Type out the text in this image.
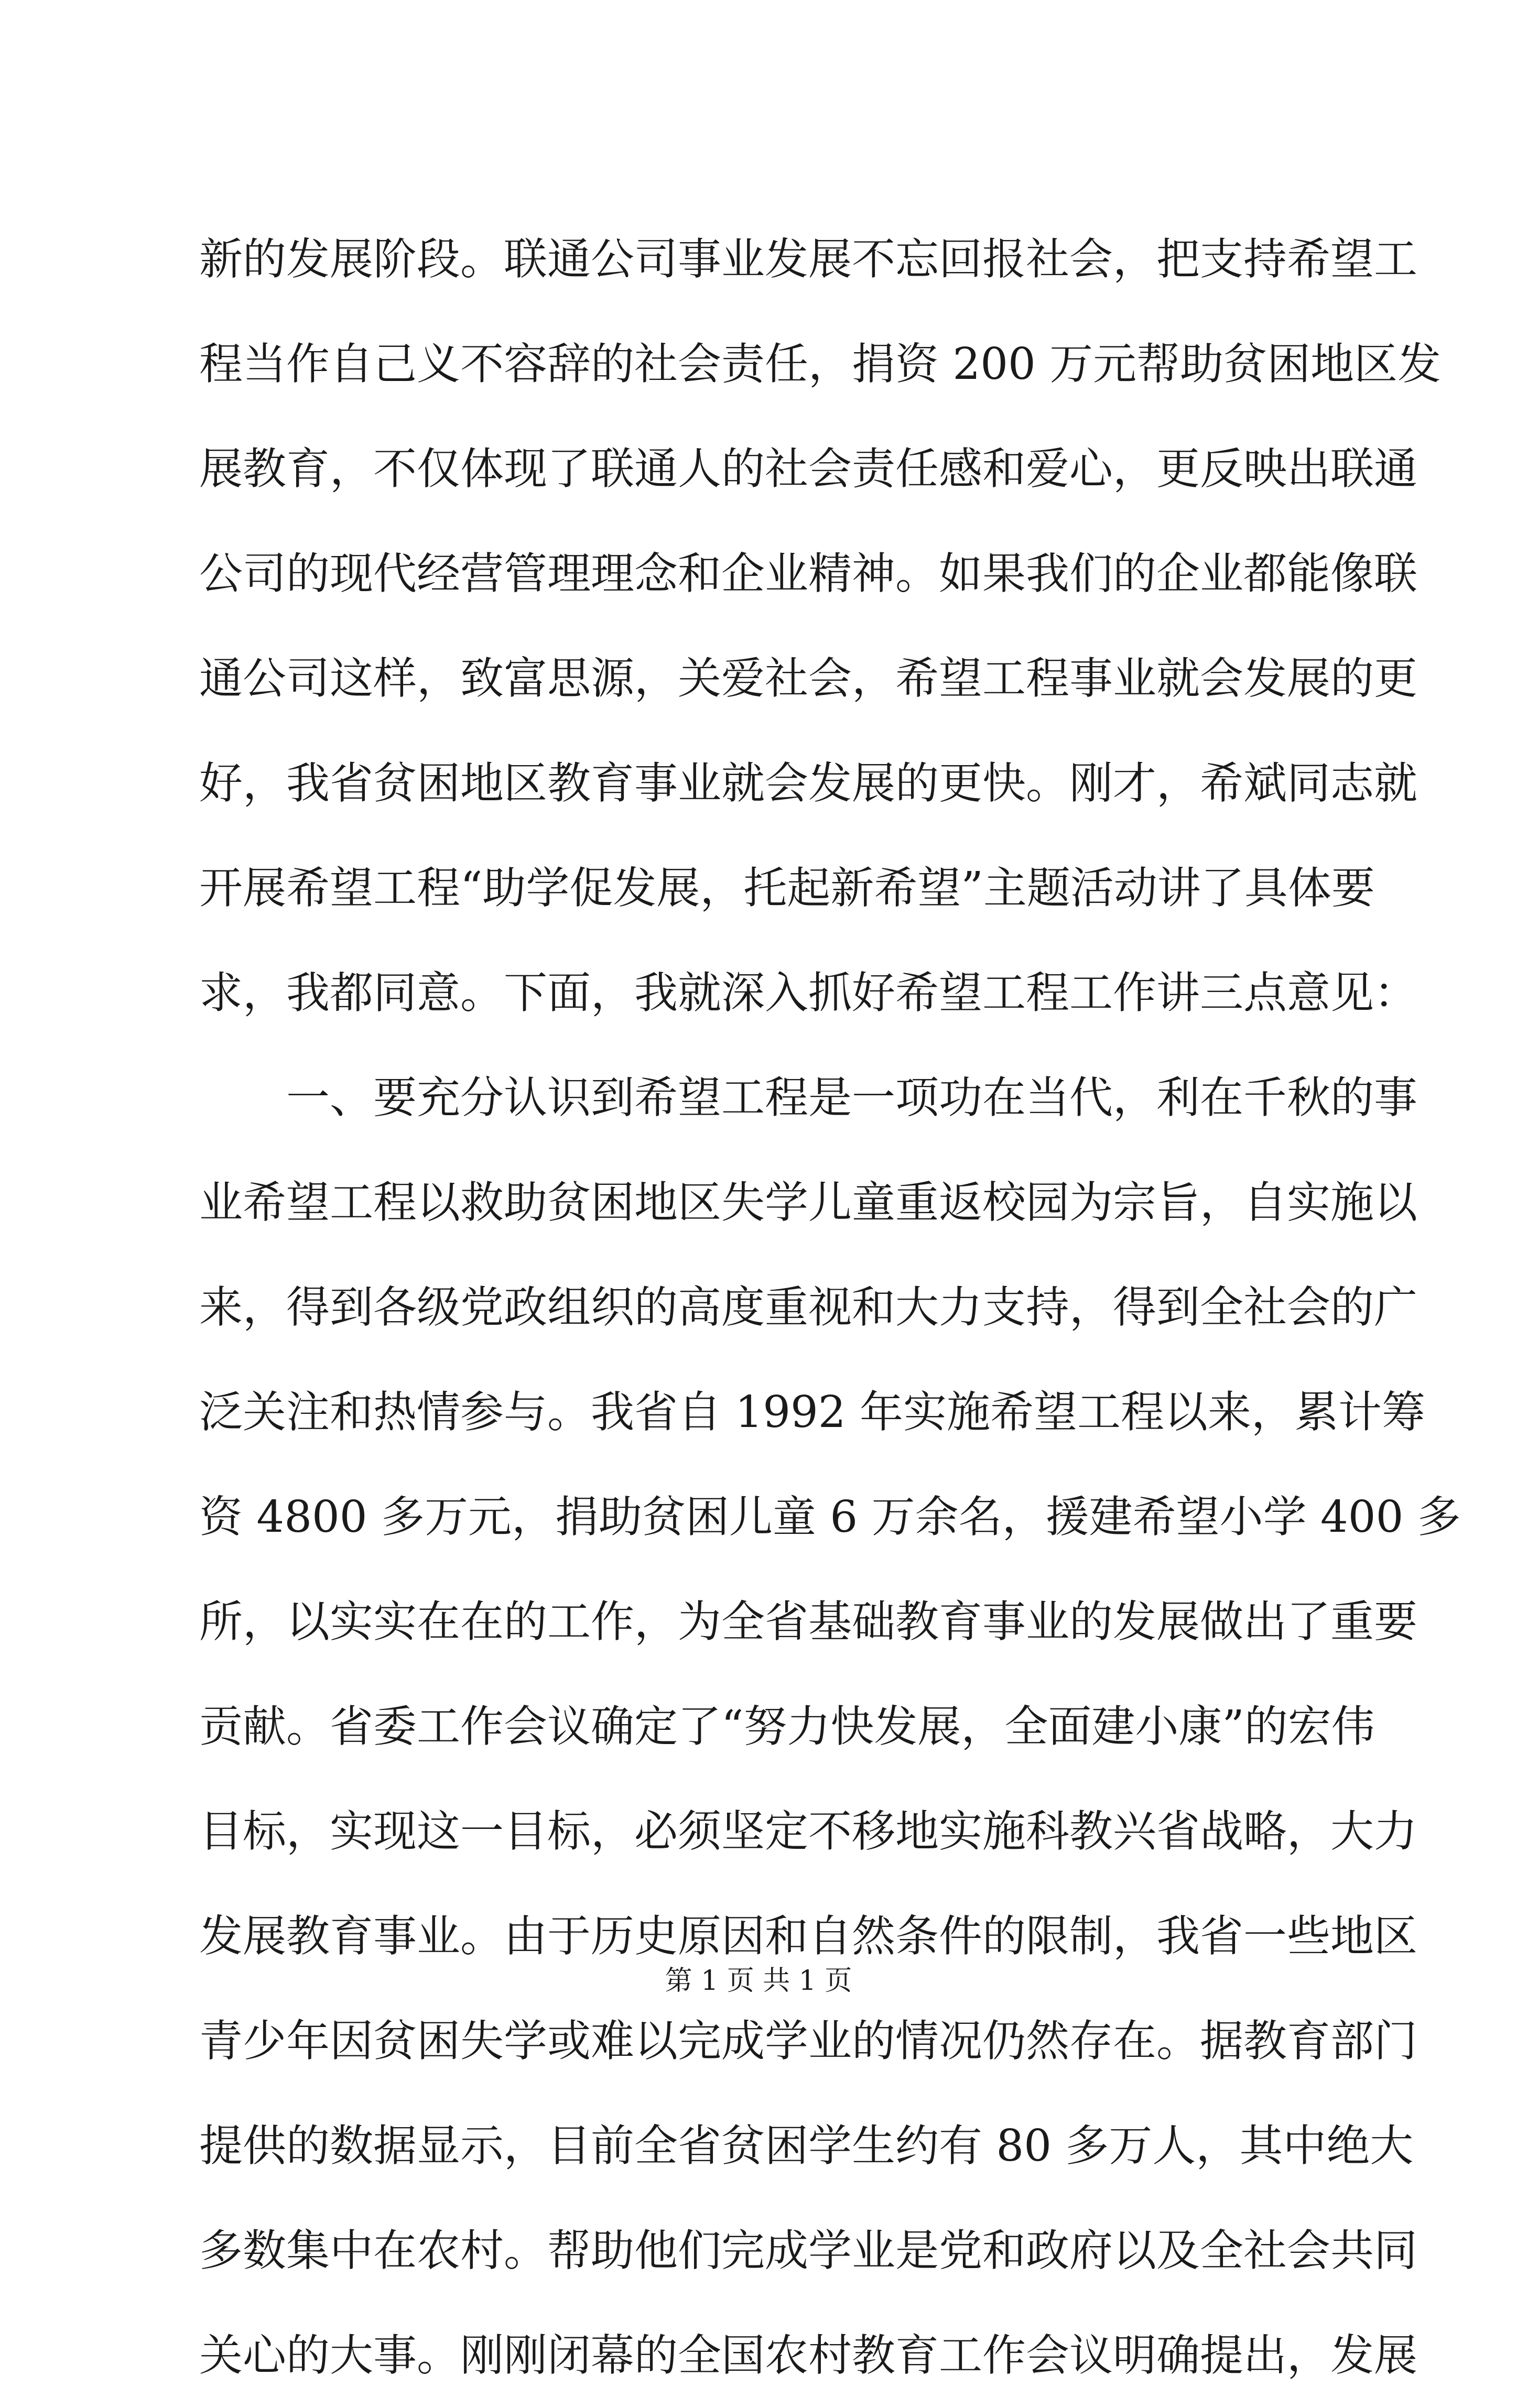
新的发展阶段。联通公司事业发展不忘回报社会，把支持希望工
程当作自己义不容辞的社会责任，捐资 200 万元帮助贫困地区发
展教育，不仅体现了联通人的社会责任感和爱心，更反映出联通
公司的现代经营管理理念和企业精神。如果我们的企业都能像联
通公司这样，致富思源，关爱社会，希望工程事业就会发展的更
好，我省贫困地区教育事业就会发展的更快。刚才，希斌同志就
开展希望工程“助学促发展，托起新希望”主题活动讲了具体要
求，我都同意。下面，我就深入抓好希望工程工作讲三点意见：
　　一、要充分认识到希望工程是一项功在当代，利在千秋的事
业希望工程以救助贫困地区失学儿童重返校园为宗旨，自实施以
来，得到各级党政组织的高度重视和大力支持，得到全社会的广
泛关注和热情参与。我省自 1992 年实施希望工程以来，累计筹
资 4800 多万元，捐助贫困儿童 6 万余名，援建希望小学 400 多
所，以实实在在的工作，为全省基础教育事业的发展做出了重要
贡献。省委工作会议确定了“努力快发展，全面建小康”的宏伟
目标，实现这一目标，必须坚定不移地实施科教兴省战略，大力
发展教育事业。由于历史原因和自然条件的限制，我省一些地区
青少年因贫困失学或难以完成学业的情况仍然存在。据教育部门
提供的数据显示，目前全省贫困学生约有 80 多万人，其中绝大
多数集中在农村。帮助他们完成学业是党和政府以及全社会共同
关心的大事。刚刚闭幕的全国农村教育工作会议明确提出，发展
第 1 页 共 1 页
